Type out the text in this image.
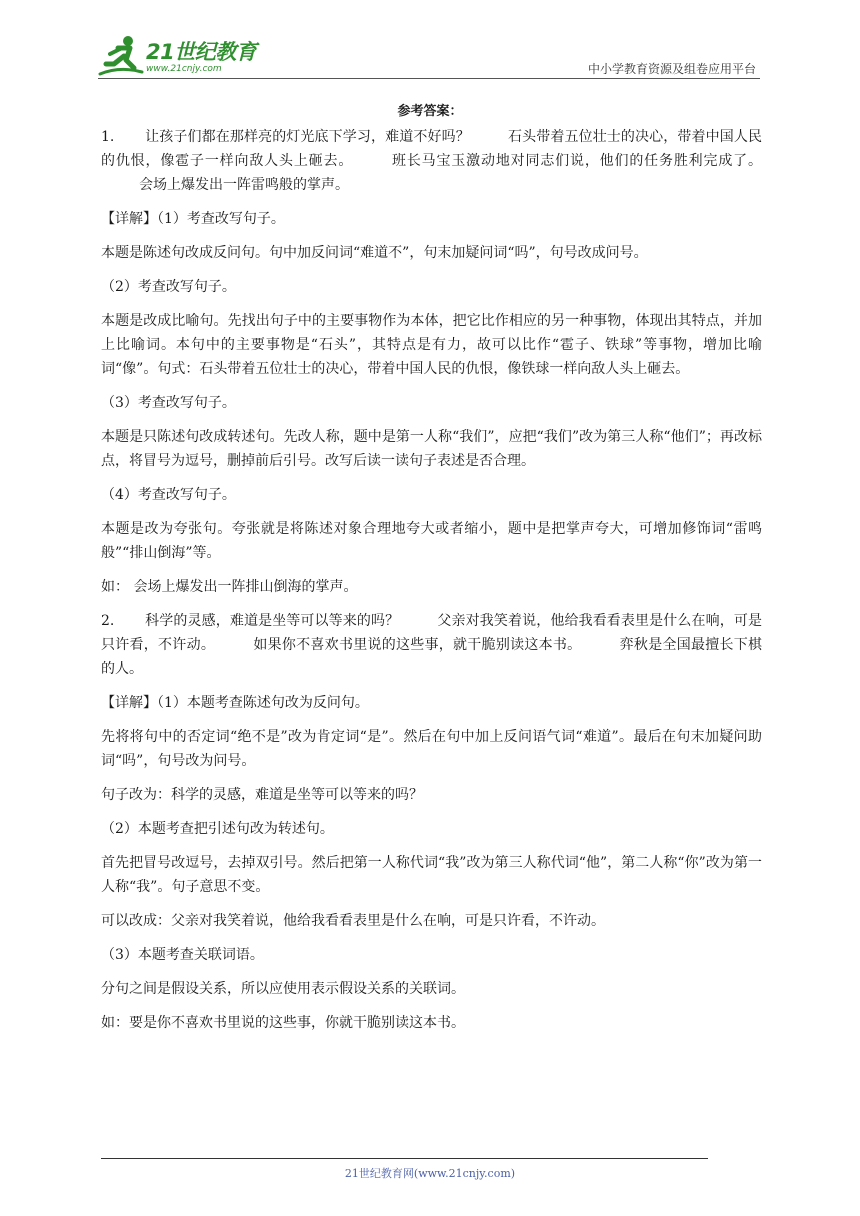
21世纪教育
www.21cnjy.com	中小学教育资源及组卷应用平台
参考答案：

1. 让孩子们都在那样亮的灯光底下学习，难道不好吗？	石头带着五位壮士的决心，带着中国人民的仇恨，像雹子一样向敌人头上砸去。	班长马宝玉激动地对同志们说，他们的任务胜利完成了。会场上爆发出一阵雷鸣般的掌声。

【详解】（1）考查改写句子。

本题是陈述句改成反问句。句中加反问词“难道不”，句末加疑问词“吗”，句号改成问号。

（2）考查改写句子。

本题是改成比喻句。先找出句子中的主要事物作为本体，把它比作相应的另一种事物，体现出其特点，并加上比喻词。本句中的主要事物是“石头”，其特点是有力，故可以比作“雹子、铁球”等事物，增加比喻词“像”。句式：石头带着五位壮士的决心，带着中国人民的仇恨，像铁球一样向敌人头上砸去。

（3）考查改写句子。

本题是只陈述句改成转述句。先改人称，题中是第一人称“我们”，应把“我们”改为第三人称“他们”；再改标点，将冒号为逗号，删掉前后引号。改写后读一读句子表述是否合理。

（4）考查改写句子。

本题是改为夸张句。夸张就是将陈述对象合理地夸大或者缩小，题中是把掌声夸大，可增加修饰词“雷鸣般”“排山倒海”等。

如： 会场上爆发出一阵排山倒海的掌声。

2. 科学的灵感，难道是坐等可以等来的吗？	父亲对我笑着说，他给我看看表里是什么在响，可是只许看，不许动。	如果你不喜欢书里说的这些事，就干脆别读这本书。	弈秋是全国最擅长下棋的人。

【详解】（1）本题考查陈述句改为反问句。

先将将句中的否定词“绝不是”改为肯定词“是”。然后在句中加上反问语气词“难道”。最后在句末加疑问助词“吗”，句号改为问号。

句子改为：科学的灵感，难道是坐等可以等来的吗？

（2）本题考查把引述句改为转述句。

首先把冒号改逗号，去掉双引号。然后把第一人称代词“我”改为第三人称代词“他”，第二人称“你”改为第一人称“我”。句子意思不变。

可以改成：父亲对我笑着说，他给我看看表里是什么在响，可是只许看，不许动。

（3）本题考查关联词语。

分句之间是假设关系，所以应使用表示假设关系的关联词。

如：要是你不喜欢书里说的这些事，你就干脆别读这本书。

21世纪教育网(www.21cnjy.com)
